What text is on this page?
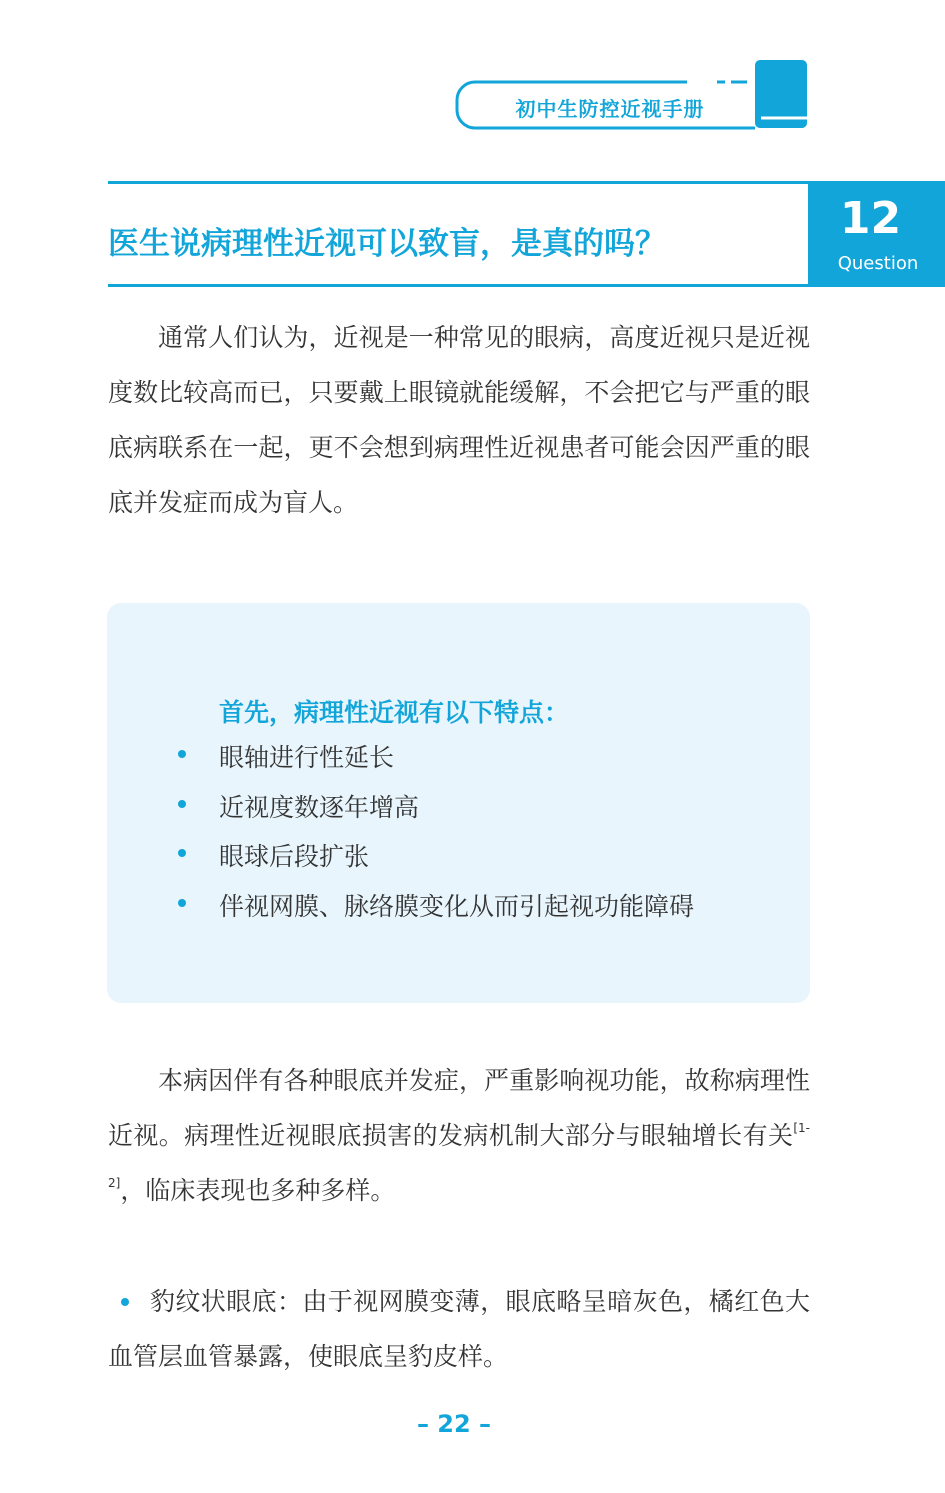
初中生防控近视手册
医生说病理性近视可以致盲，是真的吗？	12
Question

通常人们认为，近视是一种常见的眼病，高度近视只是近视度数比较高而已，只要戴上眼镜就能缓解，不会把它与严重的眼底病联系在一起，更不会想到病理性近视患者可能会因严重的眼底并发症而成为盲人。

首先，病理性近视有以下特点：
眼轴进行性延长
近视度数逐年增高
眼球后段扩张
伴视网膜、脉络膜变化从而引起视功能障碍

本病因伴有各种眼底并发症，严重影响视功能，故称病理性近视。病理性近视眼底损害的发病机制大部分与眼轴增长有关[1-2]，临床表现也多种多样。

豹纹状眼底：由于视网膜变薄，眼底略呈暗灰色，橘红色大血管层血管暴露，使眼底呈豹皮样。

– 22 –
